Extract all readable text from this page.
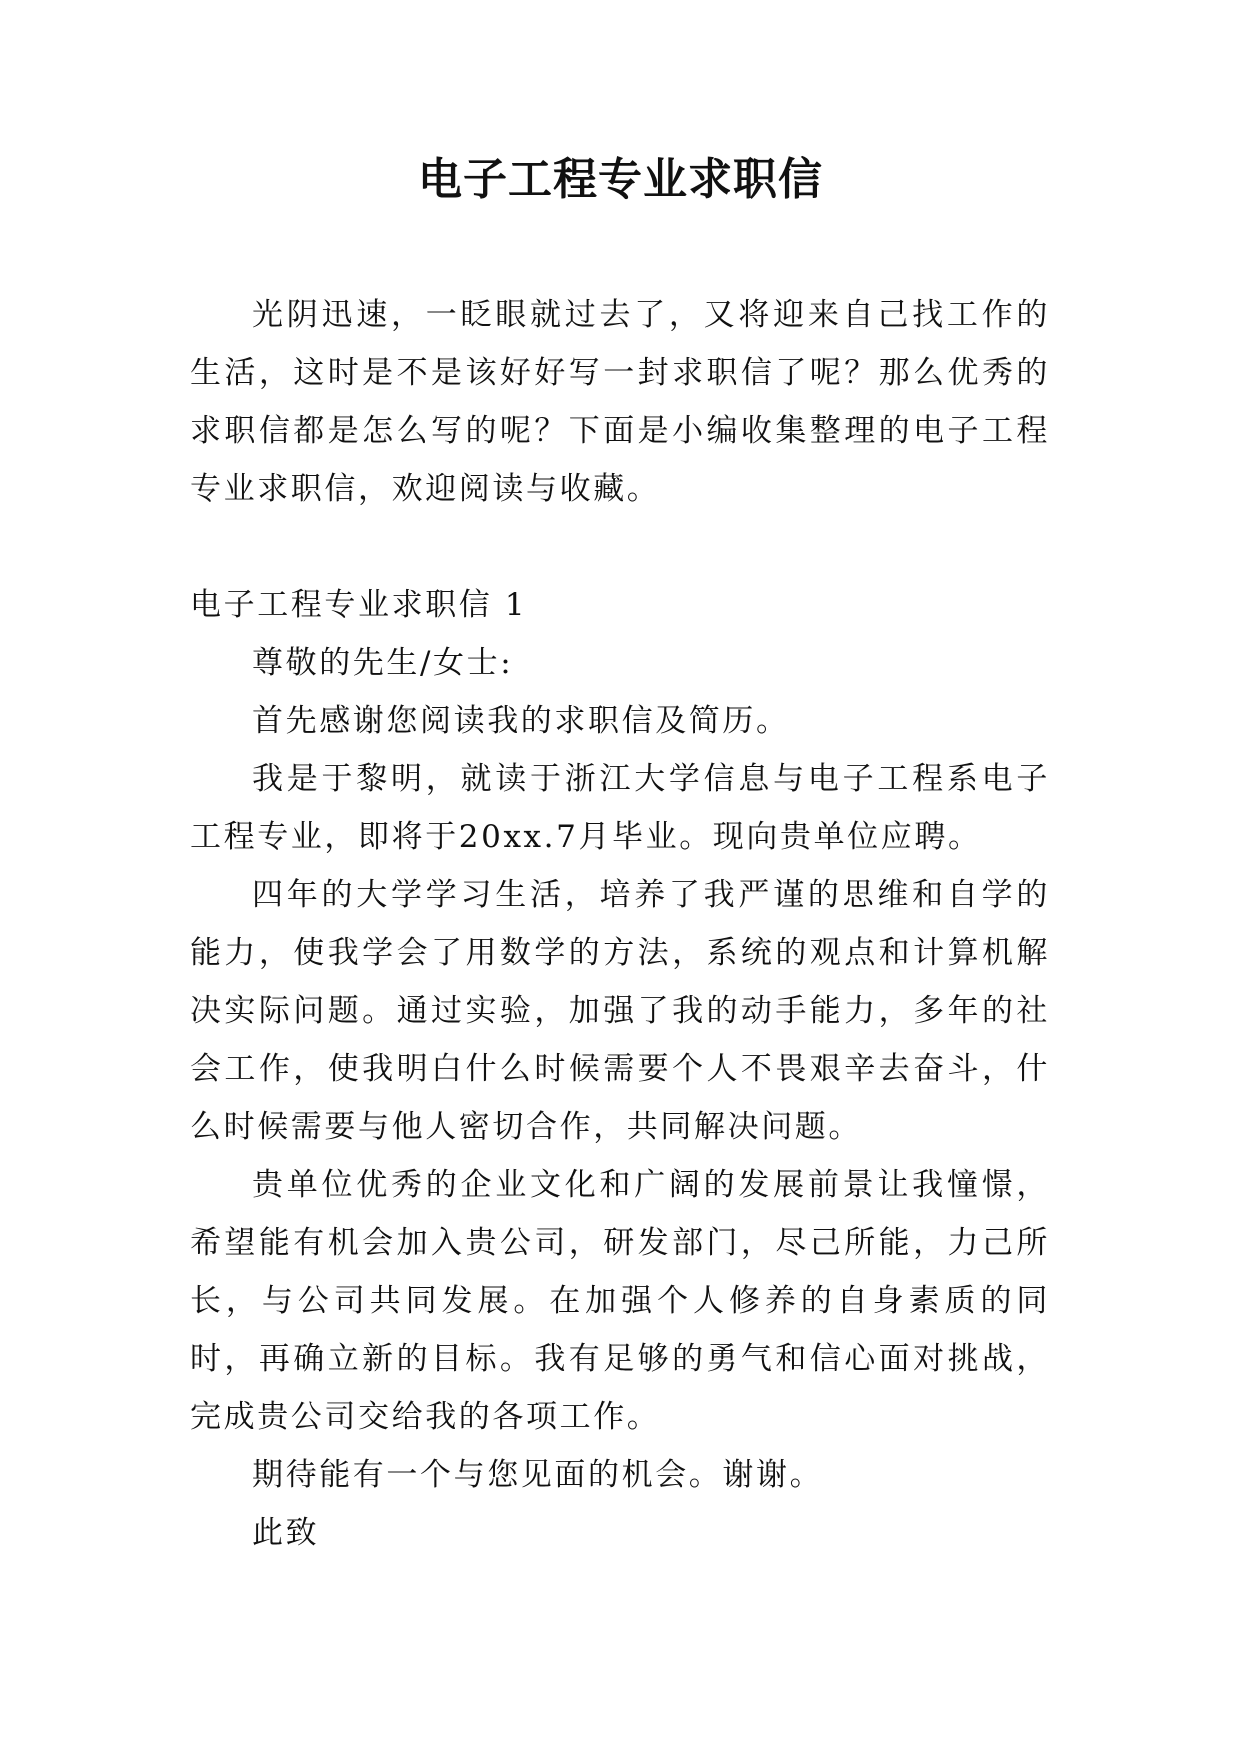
电子工程专业求职信

光阴迅速，一眨眼就过去了，又将迎来自己找工作的生活，这时是不是该好好写一封求职信了呢？那么优秀的求职信都是怎么写的呢？下面是小编收集整理的电子工程专业求职信，欢迎阅读与收藏。

电子工程专业求职信 1

尊敬的先生/女士:

首先感谢您阅读我的求职信及简历。

我是于黎明，就读于浙江大学信息与电子工程系电子工程专业，即将于20xx.7月毕业。现向贵单位应聘。

四年的大学学习生活，培养了我严谨的思维和自学的能力，使我学会了用数学的方法，系统的观点和计算机解决实际问题。通过实验，加强了我的动手能力，多年的社会工作，使我明白什么时候需要个人不畏艰辛去奋斗，什么时候需要与他人密切合作，共同解决问题。

贵单位优秀的企业文化和广阔的发展前景让我憧憬，希望能有机会加入贵公司，研发部门，尽己所能，力己所长，与公司共同发展。在加强个人修养的自身素质的同时，再确立新的目标。我有足够的勇气和信心面对挑战，完成贵公司交给我的各项工作。

期待能有一个与您见面的机会。谢谢。

此致
